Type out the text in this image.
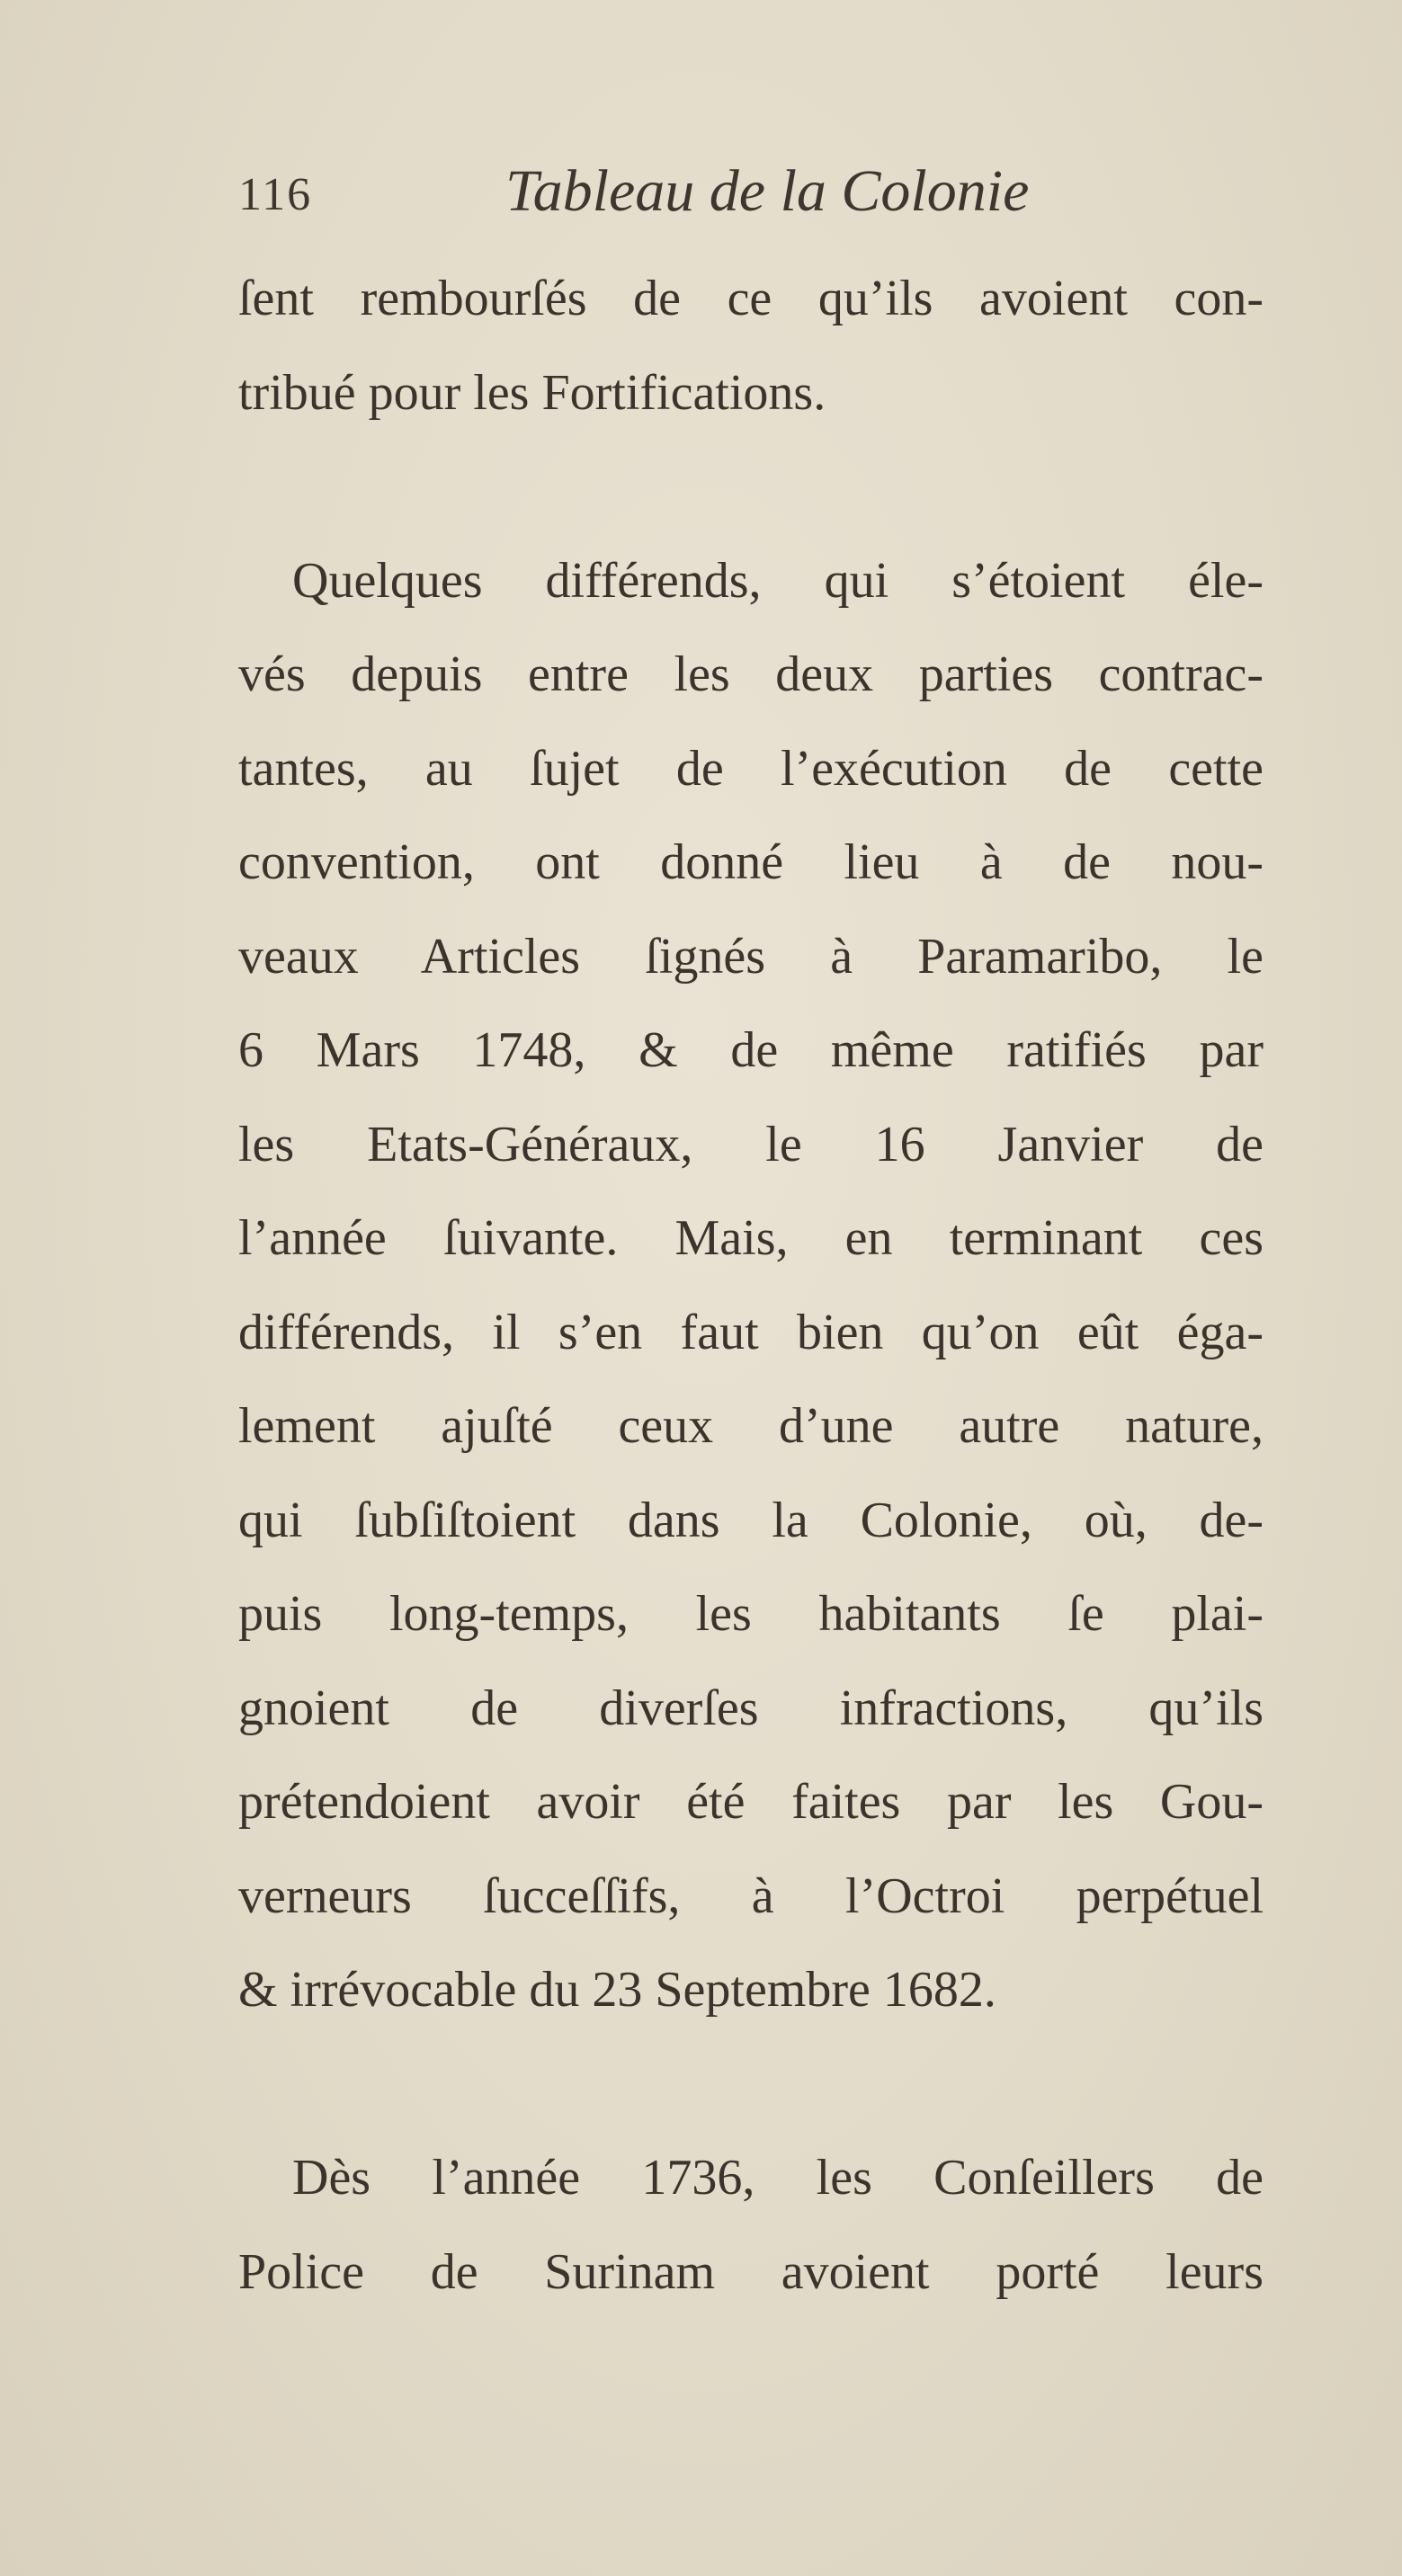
116	Tableau de la Colonie
ſent rembourſés de ce qu’ils avoient con-
tribué pour les Fortifications.
Quelques différends, qui s’étoient éle-
vés depuis entre les deux parties contrac-
tantes, au ſujet de l’exécution de cette
convention, ont donné lieu à de nou-
veaux Articles ſignés à Paramaribo, le
6 Mars 1748, & de même ratifiés par
les Etats-Généraux, le 16 Janvier de
l’année ſuivante. Mais, en terminant ces
différends, il s’en faut bien qu’on eût éga-
lement ajuſté ceux d’une autre nature,
qui ſubſiſtoient dans la Colonie, où, de-
puis long-temps, les habitants ſe plai-
gnoient de diverſes infractions, qu’ils
prétendoient avoir été faites par les Gou-
verneurs ſucceſſifs, à l’Octroi perpétuel
& irrévocable du 23 Septembre 1682.
Dès l’année 1736, les Conſeillers de
Police de Surinam avoient porté leurs
